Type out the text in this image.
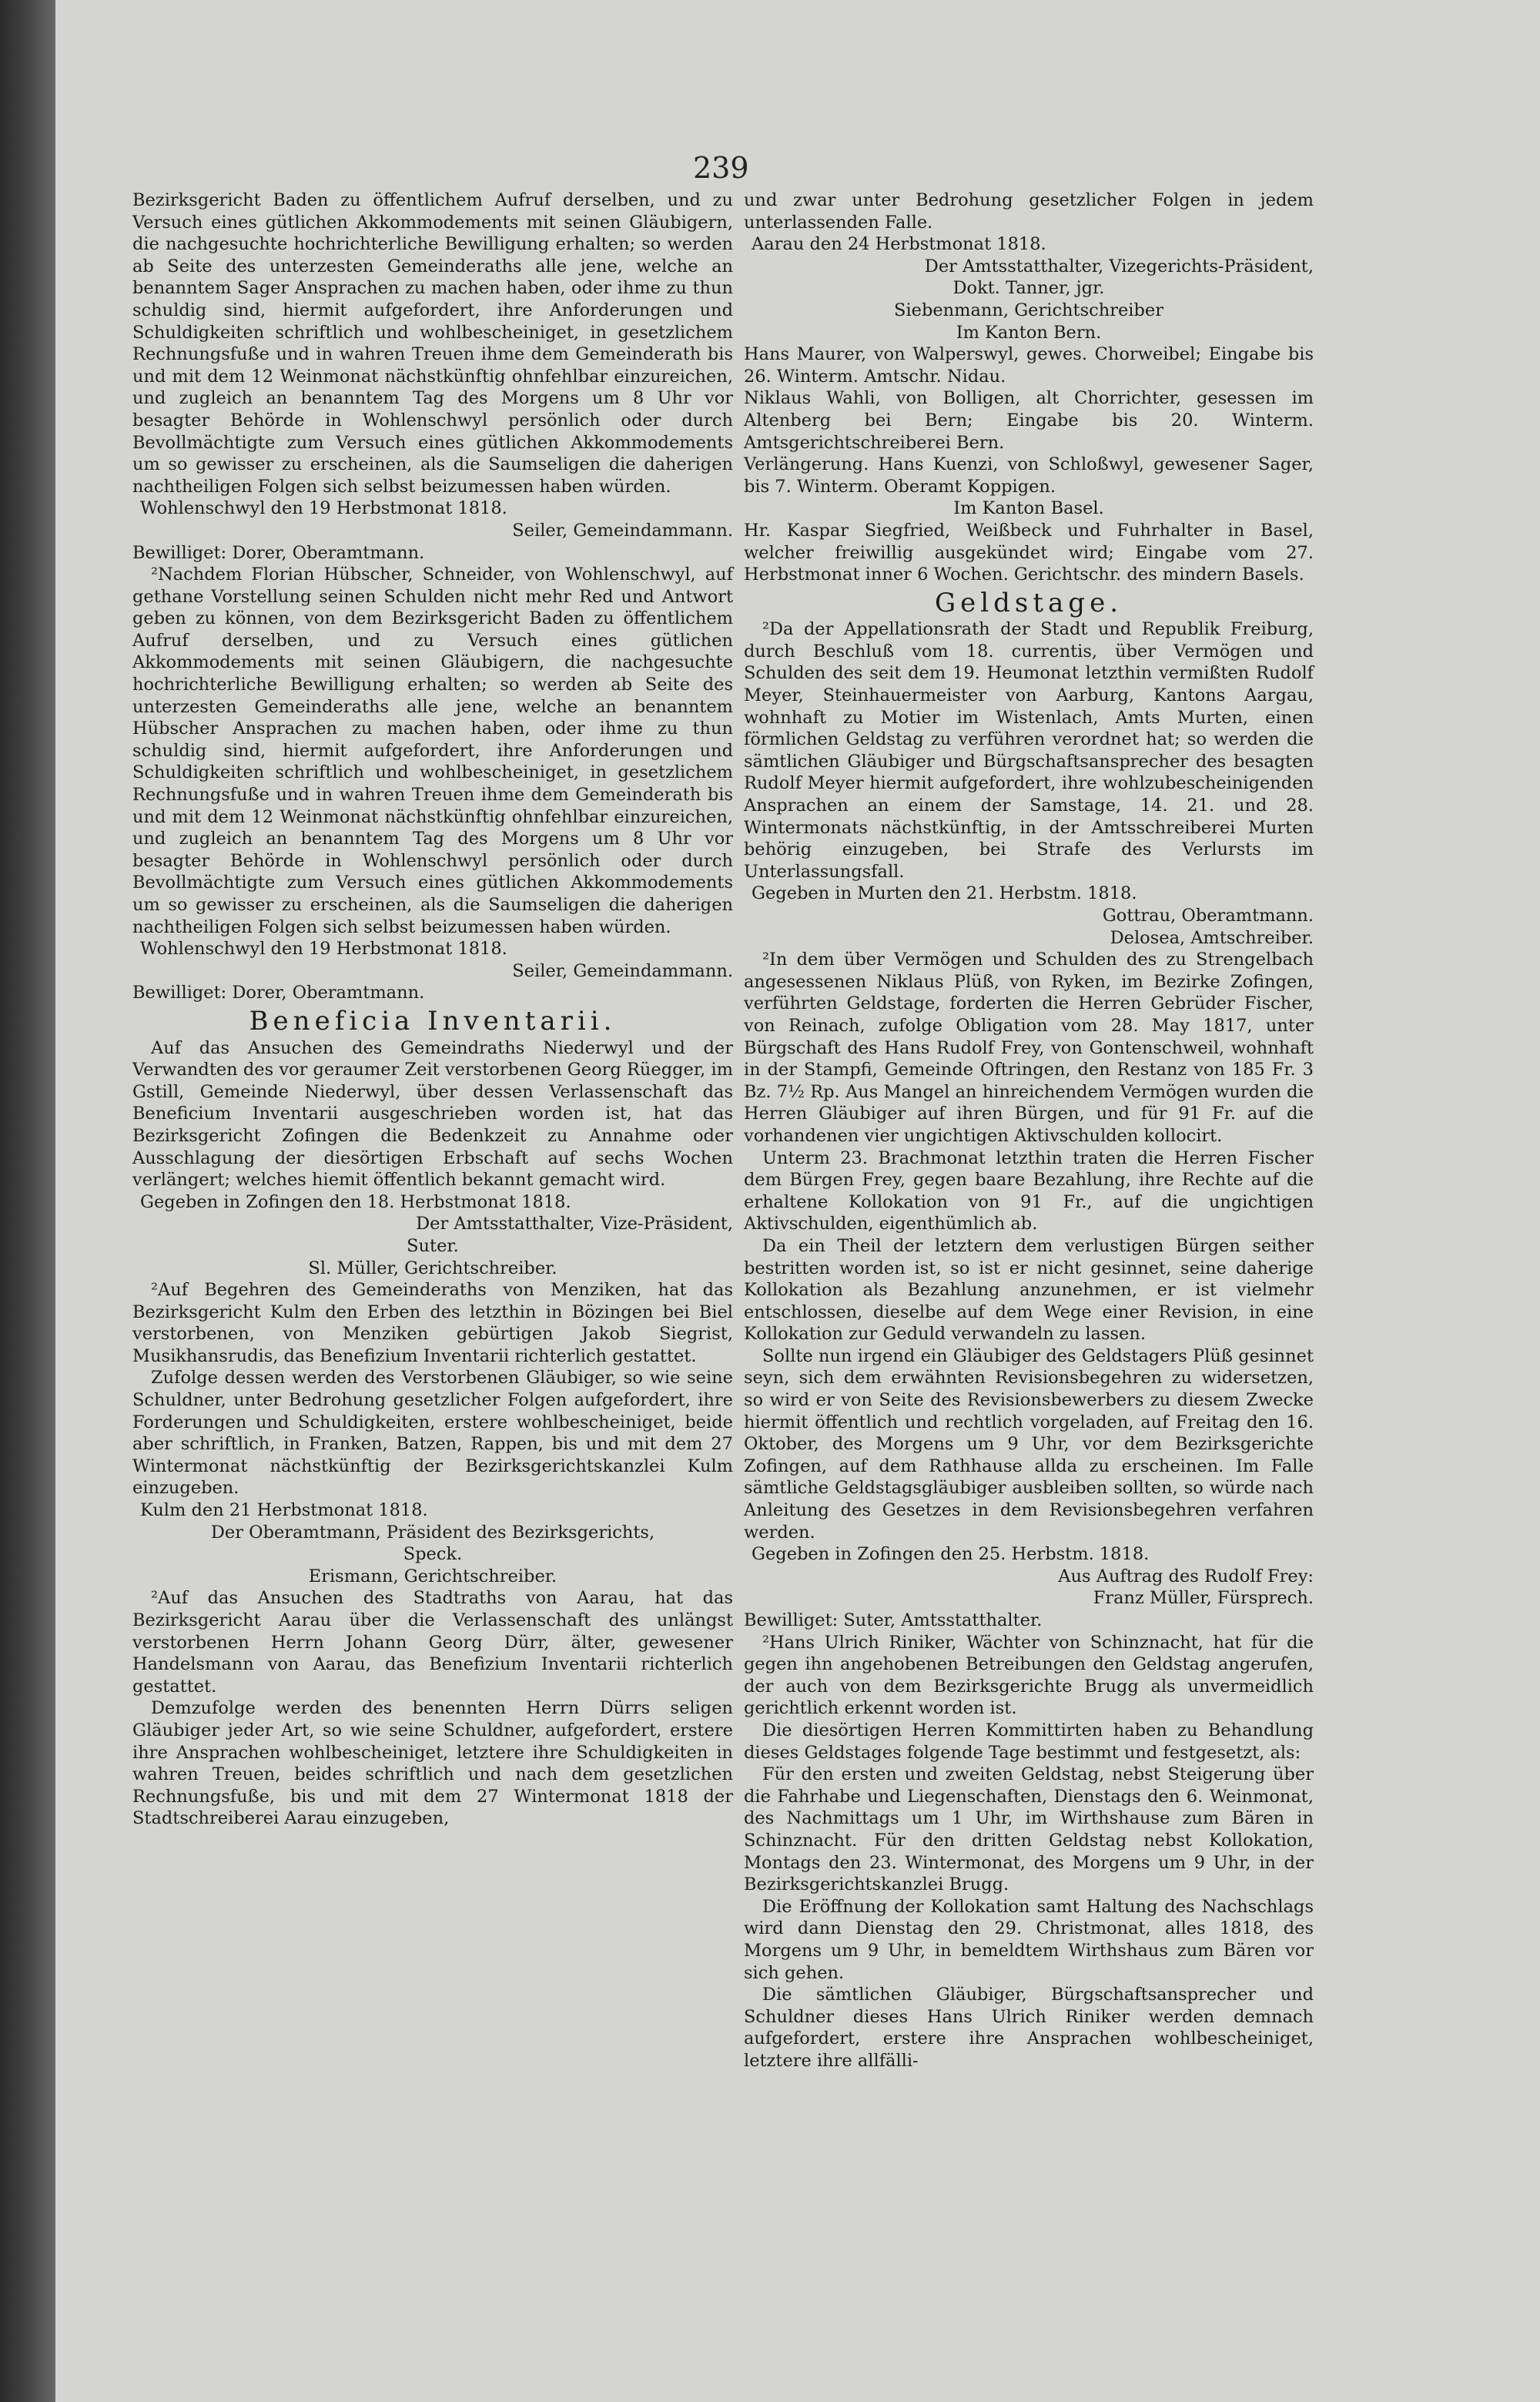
239

Bezirksgericht Baden zu öffentlichem Aufruf derselben, und zu Versuch eines gütlichen Akkommodements mit seinen Gläubigern, die nachgesuchte hochrichterliche Bewilligung erhalten; so werden ab Seite des unterzesten Gemeinderaths alle jene, welche an benanntem Sager Ansprachen zu machen haben, oder ihme zu thun schuldig sind, hiermit aufgefordert, ihre Anforderungen und Schuldigkeiten schriftlich und wohlbescheiniget, in gesetzlichem Rechnungsfuße und in wahren Treuen ihme dem Gemeinderath bis und mit dem 12 Weinmonat nächstkünftig ohnfehlbar einzureichen, und zugleich an benanntem Tag des Morgens um 8 Uhr vor besagter Behörde in Wohlenschwyl persönlich oder durch Bevollmächtigte zum Versuch eines gütlichen Akkommodements um so gewisser zu erscheinen, als die Saumseligen die daherigen nachtheiligen Folgen sich selbst beizumessen haben würden.

Wohlenschwyl den 19 Herbstmonat 1818.

Seiler, Gemeindammann.

Bewilliget: Dorer, Oberamtmann.

²Nachdem Florian Hübscher, Schneider, von Wohlenschwyl, auf gethane Vorstellung seinen Schulden nicht mehr Red und Antwort geben zu können, von dem Bezirksgericht Baden zu öffentlichem Aufruf derselben, und zu Versuch eines gütlichen Akkommodements mit seinen Gläubigern, die nachgesuchte hochrichterliche Bewilligung erhalten; so werden ab Seite des unterzesten Gemeinderaths alle jene, welche an benanntem Hübscher Ansprachen zu machen haben, oder ihme zu thun schuldig sind, hiermit aufgefordert, ihre Anforderungen und Schuldigkeiten schriftlich und wohlbescheiniget, in gesetzlichem Rechnungsfuße und in wahren Treuen ihme dem Gemeinderath bis und mit dem 12 Weinmonat nächstkünftig ohnfehlbar einzureichen, und zugleich an benanntem Tag des Morgens um 8 Uhr vor besagter Behörde in Wohlenschwyl persönlich oder durch Bevollmächtigte zum Versuch eines gütlichen Akkommodements um so gewisser zu erscheinen, als die Saumseligen die daherigen nachtheiligen Folgen sich selbst beizumessen haben würden.

Wohlenschwyl den 19 Herbstmonat 1818.

Seiler, Gemeindammann.

Bewilliget: Dorer, Oberamtmann.

Beneficia Inventarii.

Auf das Ansuchen des Gemeindraths Niederwyl und der Verwandten des vor geraumer Zeit verstorbenen Georg Rüegger, im Gstill, Gemeinde Niederwyl, über dessen Verlassenschaft das Beneficium Inventarii ausgeschrieben worden ist, hat das Bezirksgericht Zofingen die Bedenkzeit zu Annahme oder Ausschlagung der diesörtigen Erbschaft auf sechs Wochen verlängert; welches hiemit öffentlich bekannt gemacht wird.

Gegeben in Zofingen den 18. Herbstmonat 1818.

Der Amtsstatthalter, Vize-Präsident,

Suter.

Sl. Müller, Gerichtschreiber.

²Auf Begehren des Gemeinderaths von Menziken, hat das Bezirksgericht Kulm den Erben des letzthin in Bözingen bei Biel verstorbenen, von Menziken gebürtigen Jakob Siegrist, Musikhansrudis, das Benefizium Inventarii richterlich gestattet.

Zufolge dessen werden des Verstorbenen Gläubiger, so wie seine Schuldner, unter Bedrohung gesetzlicher Folgen aufgefordert, ihre Forderungen und Schuldigkeiten, erstere wohlbescheiniget, beide aber schriftlich, in Franken, Batzen, Rappen, bis und mit dem 27 Wintermonat nächstkünftig der Bezirksgerichtskanzlei Kulm einzugeben.

Kulm den 21 Herbstmonat 1818.

Der Oberamtmann, Präsident des Bezirksgerichts,

Speck.

Erismann, Gerichtschreiber.

²Auf das Ansuchen des Stadtraths von Aarau, hat das Bezirksgericht Aarau über die Verlassenschaft des unlängst verstorbenen Herrn Johann Georg Dürr, älter, gewesener Handelsmann von Aarau, das Benefizium Inventarii richterlich gestattet.

Demzufolge werden des benennten Herrn Dürrs seligen Gläubiger jeder Art, so wie seine Schuldner, aufgefordert, erstere ihre Ansprachen wohlbescheiniget, letztere ihre Schuldigkeiten in wahren Treuen, beides schriftlich und nach dem gesetzlichen Rechnungsfuße, bis und mit dem 27 Wintermonat 1818 der Stadtschreiberei Aarau einzugeben,

und zwar unter Bedrohung gesetzlicher Folgen in jedem unterlassenden Falle.

Aarau den 24 Herbstmonat 1818.

Der Amtsstatthalter, Vizegerichts-Präsident,

Dokt. Tanner, jgr.

Siebenmann, Gerichtschreiber

Im Kanton Bern.

Hans Maurer, von Walperswyl, gewes. Chorweibel; Eingabe bis 26. Winterm. Amtschr. Nidau.

Niklaus Wahli, von Bolligen, alt Chorrichter, gesessen im Altenberg bei Bern; Eingabe bis 20. Winterm. Amtsgerichtschreiberei Bern.

Verlängerung. Hans Kuenzi, von Schloßwyl, gewesener Sager, bis 7. Winterm. Oberamt Koppigen.

Im Kanton Basel.

Hr. Kaspar Siegfried, Weißbeck und Fuhrhalter in Basel, welcher freiwillig ausgekündet wird; Eingabe vom 27. Herbstmonat inner 6 Wochen. Gerichtschr. des mindern Basels.

Geldstage.

²Da der Appellationsrath der Stadt und Republik Freiburg, durch Beschluß vom 18. currentis, über Vermögen und Schulden des seit dem 19. Heumonat letzthin vermißten Rudolf Meyer, Steinhauermeister von Aarburg, Kantons Aargau, wohnhaft zu Motier im Wistenlach, Amts Murten, einen förmlichen Geldstag zu verführen verordnet hat; so werden die sämtlichen Gläubiger und Bürgschaftsansprecher des besagten Rudolf Meyer hiermit aufgefordert, ihre wohlzubescheinigenden Ansprachen an einem der Samstage, 14. 21. und 28. Wintermonats nächstkünftig, in der Amtsschreiberei Murten behörig einzugeben, bei Strafe des Verlursts im Unterlassungsfall.

Gegeben in Murten den 21. Herbstm. 1818.

Gottrau, Oberamtmann.

Delosea, Amtschreiber.

²In dem über Vermögen und Schulden des zu Strengelbach angesessenen Niklaus Plüß, von Ryken, im Bezirke Zofingen, verführten Geldstage, forderten die Herren Gebrüder Fischer, von Reinach, zufolge Obligation vom 28. May 1817, unter Bürgschaft des Hans Rudolf Frey, von Gontenschweil, wohnhaft in der Stampfi, Gemeinde Oftringen, den Restanz von 185 Fr. 3 Bz. 7½ Rp. Aus Mangel an hinreichendem Vermögen wurden die Herren Gläubiger auf ihren Bürgen, und für 91 Fr. auf die vorhandenen vier ungichtigen Aktivschulden kollocirt.

Unterm 23. Brachmonat letzthin traten die Herren Fischer dem Bürgen Frey, gegen baare Bezahlung, ihre Rechte auf die erhaltene Kollokation von 91 Fr., auf die ungichtigen Aktivschulden, eigenthümlich ab.

Da ein Theil der letztern dem verlustigen Bürgen seither bestritten worden ist, so ist er nicht gesinnet, seine daherige Kollokation als Bezahlung anzunehmen, er ist vielmehr entschlossen, dieselbe auf dem Wege einer Revision, in eine Kollokation zur Geduld verwandeln zu lassen.

Sollte nun irgend ein Gläubiger des Geldstagers Plüß gesinnet seyn, sich dem erwähnten Revisionsbegehren zu widersetzen, so wird er von Seite des Revisionsbewerbers zu diesem Zwecke hiermit öffentlich und rechtlich vorgeladen, auf Freitag den 16. Oktober, des Morgens um 9 Uhr, vor dem Bezirksgerichte Zofingen, auf dem Rathhause allda zu erscheinen. Im Falle sämtliche Geldstagsgläubiger ausbleiben sollten, so würde nach Anleitung des Gesetzes in dem Revisionsbegehren verfahren werden.

Gegeben in Zofingen den 25. Herbstm. 1818.

Aus Auftrag des Rudolf Frey:

Franz Müller, Fürsprech.

Bewilliget: Suter, Amtsstatthalter.

²Hans Ulrich Riniker, Wächter von Schinznacht, hat für die gegen ihn angehobenen Betreibungen den Geldstag angerufen, der auch von dem Bezirksgerichte Brugg als unvermeidlich gerichtlich erkennt worden ist.

Die diesörtigen Herren Kommittirten haben zu Behandlung dieses Geldstages folgende Tage bestimmt und festgesetzt, als:

Für den ersten und zweiten Geldstag, nebst Steigerung über die Fahrhabe und Liegenschaften, Dienstags den 6. Weinmonat, des Nachmittags um 1 Uhr, im Wirthshause zum Bären in Schinznacht. Für den dritten Geldstag nebst Kollokation, Montags den 23. Wintermonat, des Morgens um 9 Uhr, in der Bezirksgerichtskanzlei Brugg.

Die Eröffnung der Kollokation samt Haltung des Nachschlags wird dann Dienstag den 29. Christmonat, alles 1818, des Morgens um 9 Uhr, in bemeldtem Wirthshaus zum Bären vor sich gehen.

Die sämtlichen Gläubiger, Bürgschaftsansprecher und Schuldner dieses Hans Ulrich Riniker werden demnach aufgefordert, erstere ihre Ansprachen wohlbescheiniget, letztere ihre allfälli-
